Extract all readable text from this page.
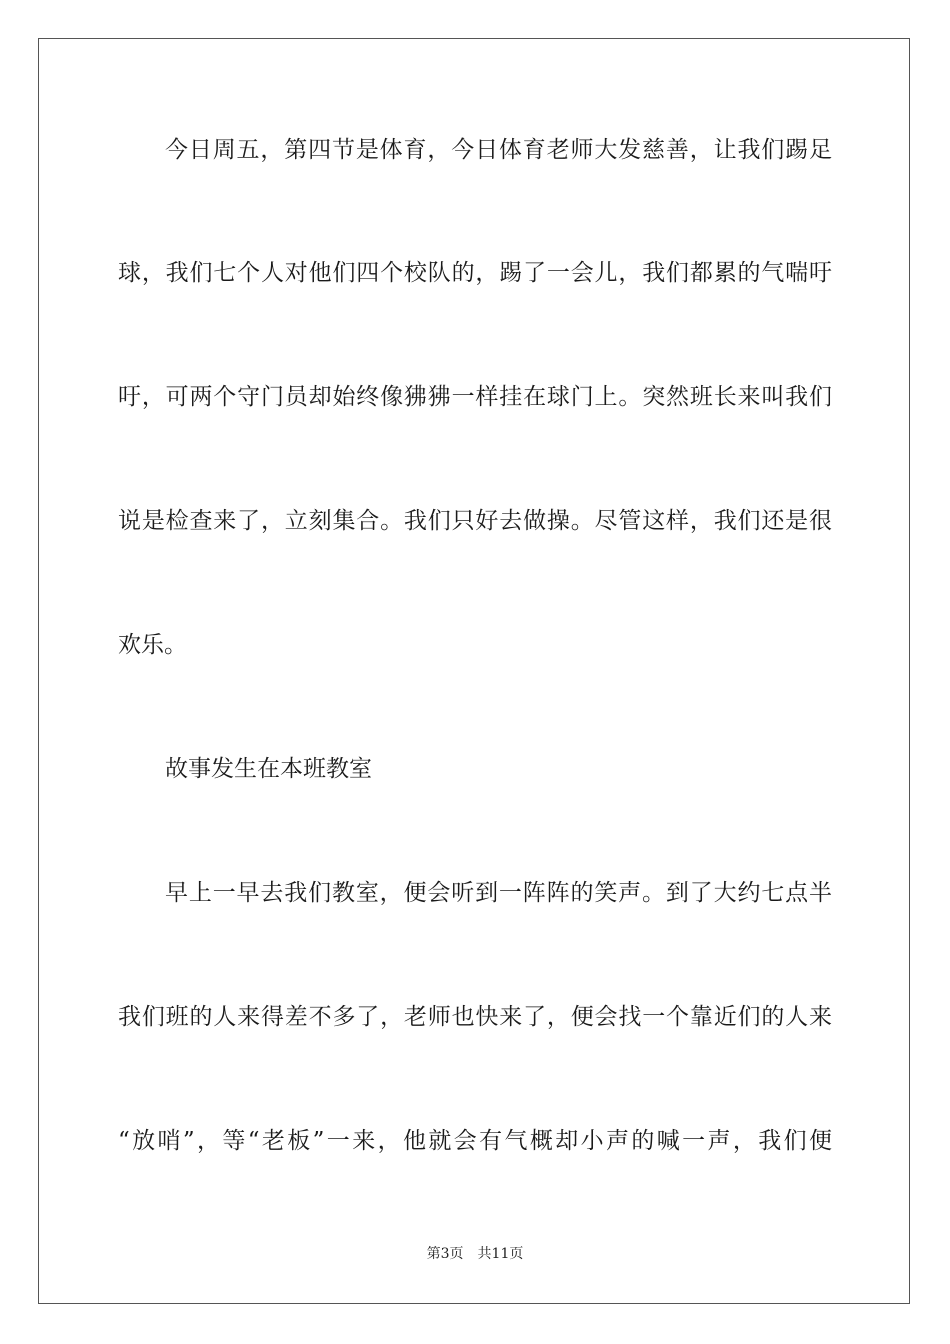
今日周五，第四节是体育，今日体育老师大发慈善，让我们踢足
球，我们七个人对他们四个校队的，踢了一会儿，我们都累的气喘吁
吁，可两个守门员却始终像狒狒一样挂在球门上。突然班长来叫我们
说是检查来了，立刻集合。我们只好去做操。尽管这样，我们还是很
欢乐。
故事发生在本班教室
早上一早去我们教室，便会听到一阵阵的笑声。到了大约七点半
我们班的人来得差不多了，老师也快来了，便会找一个靠近们的人来
“放哨”，等“老板”一来，他就会有气概却小声的喊一声，我们便
第3页 共11页
